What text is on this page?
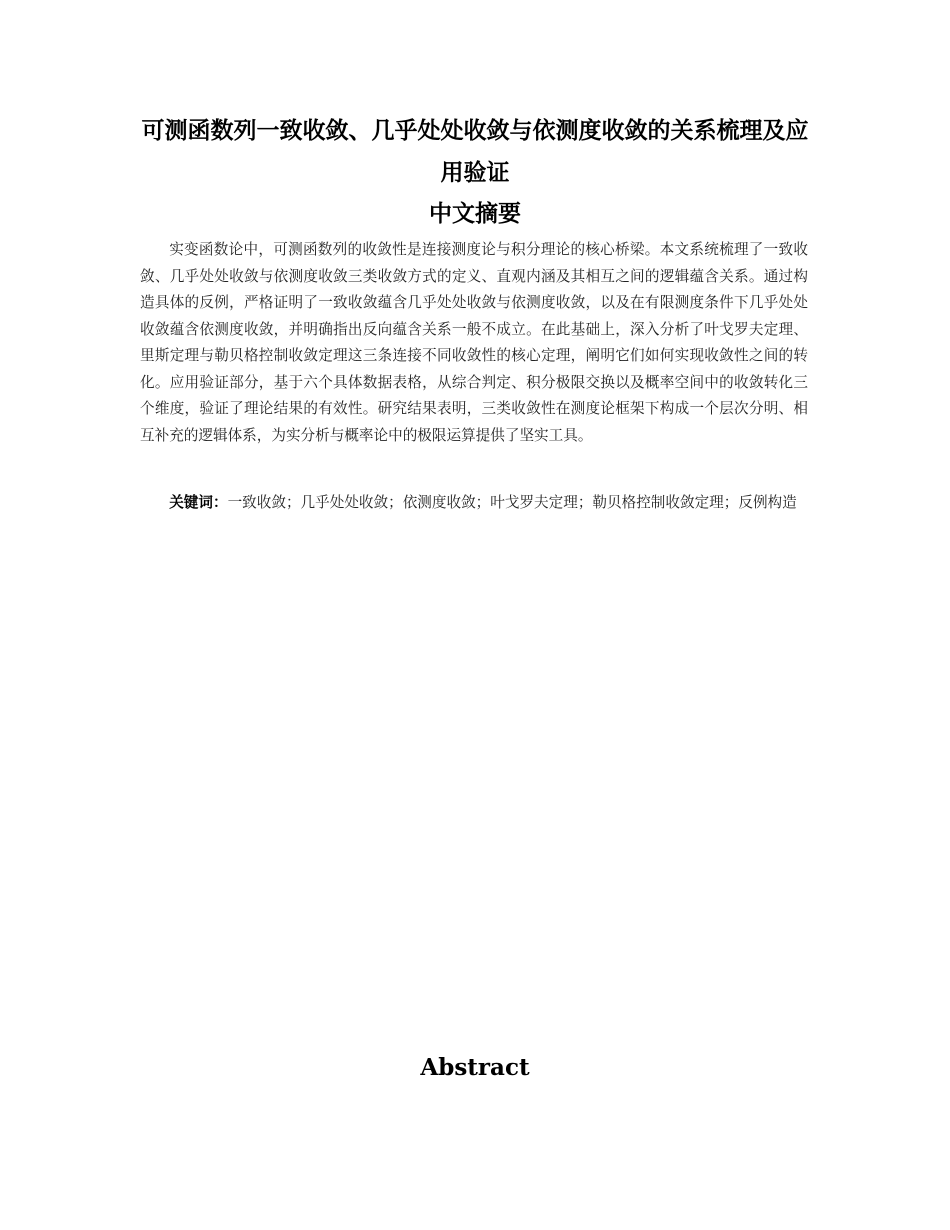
可测函数列一致收敛、几乎处处收敛与依测度收敛的关系梳理及应用验证
中文摘要

实变函数论中，可测函数列的收敛性是连接测度论与积分理论的核心桥梁。本文系统梳理了一致收敛、几乎处处收敛与依测度收敛三类收敛方式的定义、直观内涵及其相互之间的逻辑蕴含关系。通过构造具体的反例，严格证明了一致收敛蕴含几乎处处收敛与依测度收敛，以及在有限测度条件下几乎处处收敛蕴含依测度收敛，并明确指出反向蕴含关系一般不成立。在此基础上，深入分析了叶戈罗夫定理、里斯定理与勒贝格控制收敛定理这三条连接不同收敛性的核心定理，阐明它们如何实现收敛性之间的转化。应用验证部分，基于六个具体数据表格，从综合判定、积分极限交换以及概率空间中的收敛转化三个维度，验证了理论结果的有效性。研究结果表明，三类收敛性在测度论框架下构成一个层次分明、相互补充的逻辑体系，为实分析与概率论中的极限运算提供了坚实工具。

关键词：一致收敛；几乎处处收敛；依测度收敛；叶戈罗夫定理；勒贝格控制收敛定理；反例构造

Abstract
